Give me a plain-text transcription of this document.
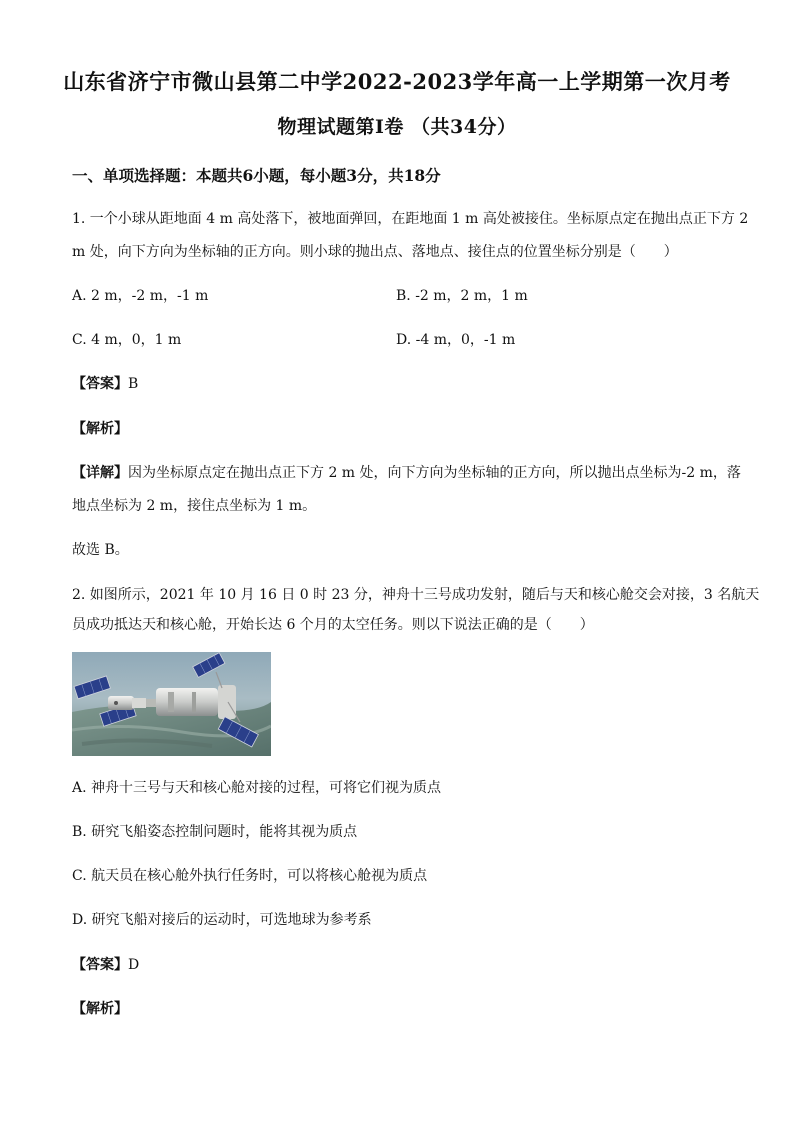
山东省济宁市微山县第二中学2022-2023学年高一上学期第一次月考
物理试题第Ⅰ卷 （共34分）
一、单项选择题：本题共6小题，每小题3分，共18分
1. 一个小球从距地面 4 m 高处落下，被地面弹回，在距地面 1 m 高处被接住。坐标原点定在抛出点正下方 2
m 处，向下方向为坐标轴的正方向。则小球的抛出点、落地点、接住点的位置坐标分别是（　　）
A. 2 m，-2 m，-1 m	B. -2 m，2 m，1 m
C. 4 m，0，1 m	D. -4 m，0，-1 m
【答案】B
【解析】
【详解】因为坐标原点定在抛出点正下方 2 m 处，向下方向为坐标轴的正方向，所以抛出点坐标为-2 m，落
地点坐标为 2 m，接住点坐标为 1 m。
故选 B。
2. 如图所示，2021 年 10 月 16 日 0 时 23 分，神舟十三号成功发射，随后与天和核心舱交会对接，3 名航天
员成功抵达天和核心舱，开始长达 6 个月的太空任务。则以下说法正确的是（　　）
A. 神舟十三号与天和核心舱对接的过程，可将它们视为质点
B. 研究飞船姿态控制问题时，能将其视为质点
C. 航天员在核心舱外执行任务时，可以将核心舱视为质点
D. 研究飞船对接后的运动时，可选地球为参考系
【答案】D
【解析】
